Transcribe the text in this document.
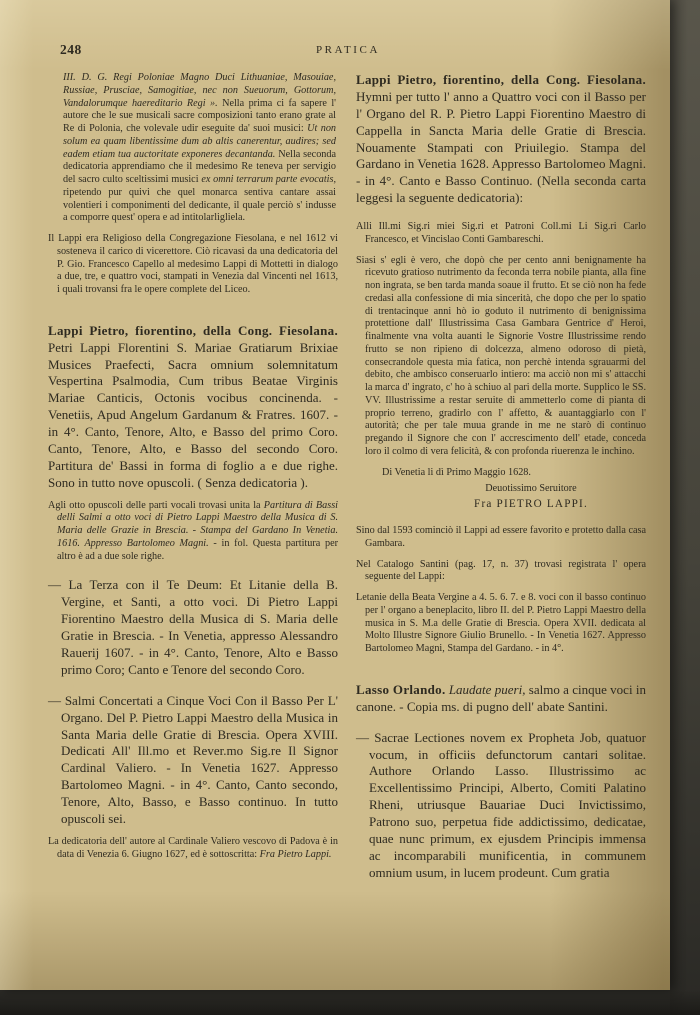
248	PRATICA

III. D. G. Regi Poloniae Magno Duci Lithuaniae, Masouiae, Russiae, Prusciae, Samogitiae, nec non Sueuorum, Gottorum, Vandalorumque haereditario Regi ». Nella prima ci fa sapere l' autore che le sue musicali sacre composizioni tanto erano grate al Re di Polonia, che volevale udir eseguite da' suoi musici: Ut non solum ea quam libentissime dum ab altis canerentur, audires; sed eadem etiam tua auctoritate exponeres decantanda. Nella seconda dedicatoria apprendiamo che il medesimo Re teneva per servigio del sacro culto sceltissimi musici ex omni terrarum parte evocatis, ripetendo pur quivi che quel monarca sentiva cantare assai volentieri i componimenti del dedicante, il quale perciò s' indusse a comporre quest' opera e ad intitolarligliela.

Il Lappi era Religioso della Congregazione Fiesolana, e nel 1612 vi sosteneva il carico di vicerettore. Ciò ricavasi da una dedicatoria del P. Gio. Francesco Capello al medesimo Lappi di Mottetti in dialogo a due, tre, e quattro voci, stampati in Venezia dal Vincenti nel 1613, i quali trovansi fra le opere complete del Liceo.

Lappi Pietro, fiorentino, della Cong. Fiesolana. Petri Lappi Florentini S. Mariae Gratiarum Brixiae Musices Praefecti, Sacra omnium solemnitatum Vespertina Psalmodia, Cum tribus Beatae Virginis Mariae Canticis, Octonis vocibus concinenda. - Venetiis, Apud Angelum Gardanum & Fratres. 1607. - in 4°. Canto, Tenore, Alto, e Basso del primo Coro. Canto, Tenore, Alto, e Basso del secondo Coro. Partitura de' Bassi in forma di foglio a e due righe. Sono in tutto nove opuscoli. ( Senza dedicatoria ).

Agli otto opuscoli delle parti vocali trovasi unita la Partitura di Bassi delli Salmi a otto voci di Pietro Lappi Maestro della Musica di S. Maria delle Grazie in Brescia. - Stampa del Gardano In Venetia. 1616. Appresso Bartolomeo Magni. - in fol. Questa partitura per altro è ad a due sole righe.

— La Terza con il Te Deum: Et Litanie della B. Vergine, et Santi, a otto voci. Di Pietro Lappi Fiorentino Maestro della Musica di S. Maria delle Gratie in Brescia. - In Venetia, appresso Alessandro Rauerij 1607. - in 4°. Canto, Tenore, Alto e Basso primo Coro; Canto e Tenore del secondo Coro.

— Salmi Concertati a Cinque Voci Con il Basso Per L' Organo. Del P. Pietro Lappi Maestro della Musica in Santa Maria delle Gratie di Brescia. Opera XVIII. Dedicati All' Ill.mo et Rever.mo Sig.re Il Signor Cardinal Valiero. - In Venetia 1627. Appresso Bartolomeo Magni. - in 4°. Canto, Canto secondo, Tenore, Alto, Basso, e Basso continuo. In tutto opuscoli sei.

La dedicatoria dell' autore al Cardinale Valiero vescovo di Padova è in data di Venezia 6. Giugno 1627, ed è sottoscritta: Fra Pietro Lappi.

Lappi Pietro, fiorentino, della Cong. Fiesolana. Hymni per tutto l' anno a Quattro voci con il Basso per l' Organo del R. P. Pietro Lappi Fiorentino Maestro di Cappella in Sancta Maria delle Gratie di Brescia. Nouamente Stampati con Priuilegio. Stampa del Gardano in Venetia 1628. Appresso Bartolomeo Magni. - in 4°. Canto e Basso Continuo. (Nella seconda carta leggesi la seguente dedicatoria):

Alli Ill.mi Sig.ri miei Sig.ri et Patroni Coll.mi Li Sig.ri Carlo Francesco, et Vincislao Conti Gambareschi.

Siasi s' egli è vero, che dopò che per cento anni benignamente ha ricevuto gratioso nutrimento da feconda terra nobile pianta, alla fine non ingrata, se ben tarda manda soaue il frutto. Et se ciò non ha fede credasi alla confessione di mia sincerità, che dopo che per lo spatio di trentacinque anni hò io goduto il nutrimento di benignissima protettione dall' Illustrissima Casa Gambara Gentrice d' Heroi, finalmente vna volta auanti le Signorie Vostre Illustrissime rendo frutto se non ripieno di dolcezza, almeno odoroso di pietà, consecrandole questa mia fatica, non perchè intenda sgrauarmi del debito, che ambisco conseruarlo intiero: ma acciò non mi s' attacchi la marca d' ingrato, c' ho à schiuo al pari della morte. Supplico le SS. VV. Illustrissime a restar seruite di ammetterlo come di pianta di proprio terreno, gradirlo con l' affetto, & auantaggiarlo con l' autorità; che per tale muua grande in me ne starò di continuo pregando il Signore che con l' accrescimento dell' etade, conceda loro il colmo di vera felicità, & con profonda riuerenza le inchino.

Di Venetia li dì Primo Maggio 1628.

Deuotissimo Seruitore

Fra PIETRO LAPPI.

Sino dal 1593 cominciò il Lappi ad essere favorito e protetto dalla casa Gambara.

Nel Catalogo Santini (pag. 17, n. 37) trovasi registrata l' opera seguente del Lappi:

Letanie della Beata Vergine a 4. 5. 6. 7. e 8. voci con il basso continuo per l' organo a beneplacito, libro II. del P. Pietro Lappi Maestro della musica in S. M.a delle Gratie di Brescia. Opera XVII. dedicata al Molto Illustre Signore Giulio Brunello. - In Venetia 1627. Appresso Bartolomeo Magni, Stampa del Gardano. - in 4°.

Lasso Orlando. Laudate pueri, salmo a cinque voci in canone. - Copia ms. di pugno dell' abate Santini.

— Sacrae Lectiones novem ex Propheta Job, quatuor vocum, in officiis defunctorum cantari solitae. Authore Orlando Lasso. Illustrissimo ac Excellentissimo Principi, Alberto, Comiti Palatino Rheni, utriusque Bauariae Duci Invictissimo, Patrono suo, perpetua fide addictissimo, dedicatae, quae nunc primum, ex ejusdem Principis immensa ac incomparabili munificentia, in communem omnium usum, in lucem prodeunt. Cum gratia
